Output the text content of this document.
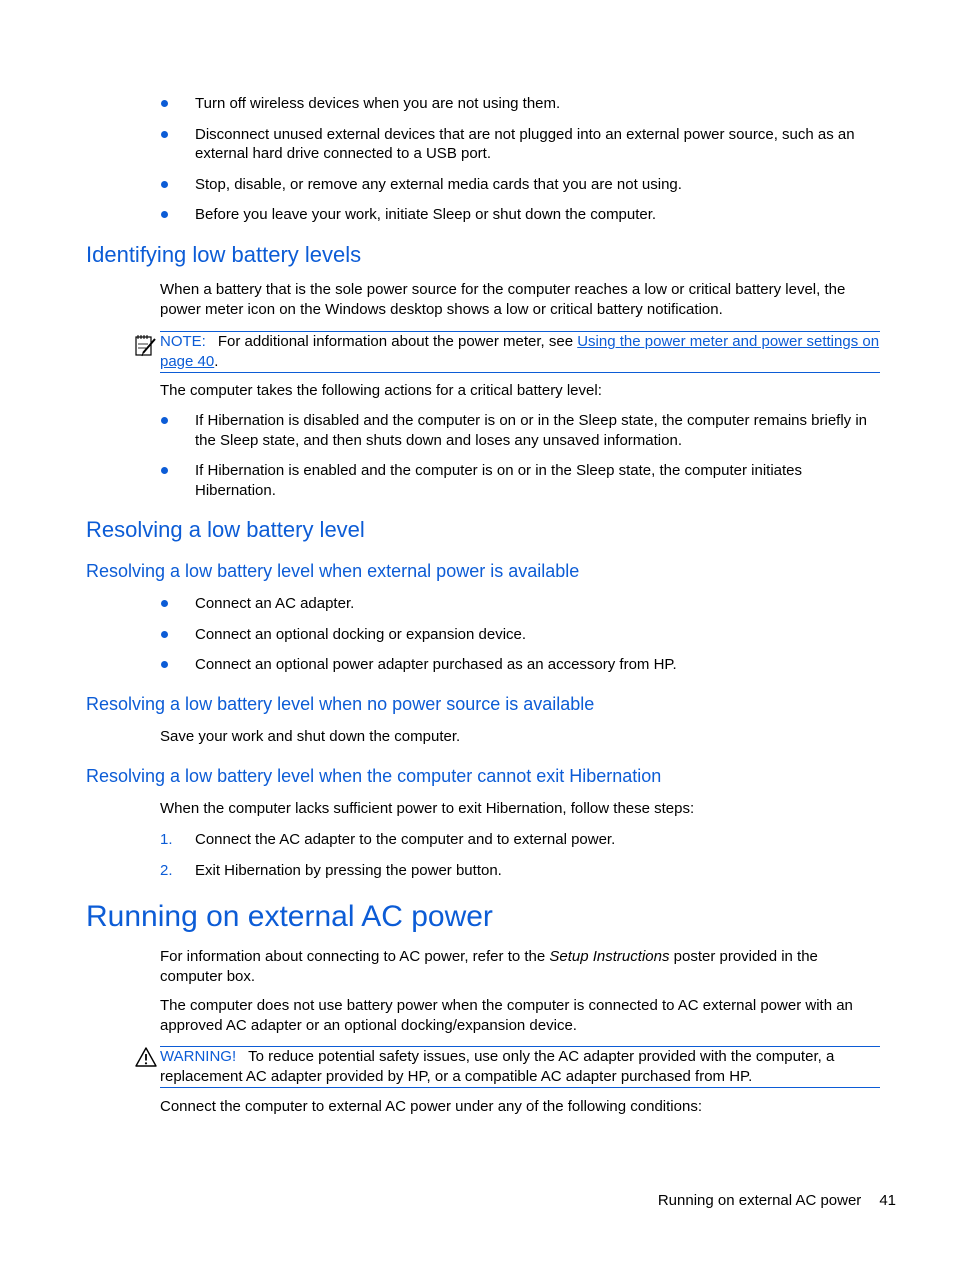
Turn off wireless devices when you are not using them.
Disconnect unused external devices that are not plugged into an external power source, such as an external hard drive connected to a USB port.
Stop, disable, or remove any external media cards that you are not using.
Before you leave your work, initiate Sleep or shut down the computer.
Identifying low battery levels

When a battery that is the sole power source for the computer reaches a low or critical battery level, the power meter icon on the Windows desktop shows a low or critical battery notification.

NOTE: For additional information about the power meter, see Using the power meter and power settings on page 40.

The computer takes the following actions for a critical battery level:

If Hibernation is disabled and the computer is on or in the Sleep state, the computer remains briefly in the Sleep state, and then shuts down and loses any unsaved information.
If Hibernation is enabled and the computer is on or in the Sleep state, the computer initiates Hibernation.
Resolving a low battery level
Resolving a low battery level when external power is available
Connect an AC adapter.
Connect an optional docking or expansion device.
Connect an optional power adapter purchased as an accessory from HP.
Resolving a low battery level when no power source is available

Save your work and shut down the computer.

Resolving a low battery level when the computer cannot exit Hibernation

When the computer lacks sufficient power to exit Hibernation, follow these steps:

1. Connect the AC adapter to the computer and to external power.
2. Exit Hibernation by pressing the power button.
Running on external AC power

For information about connecting to AC power, refer to the Setup Instructions poster provided in the computer box.

The computer does not use battery power when the computer is connected to AC external power with an approved AC adapter or an optional docking/expansion device.

WARNING! To reduce potential safety issues, use only the AC adapter provided with the computer, a replacement AC adapter provided by HP, or a compatible AC adapter purchased from HP.

Connect the computer to external AC power under any of the following conditions:

Running on external AC power 41
